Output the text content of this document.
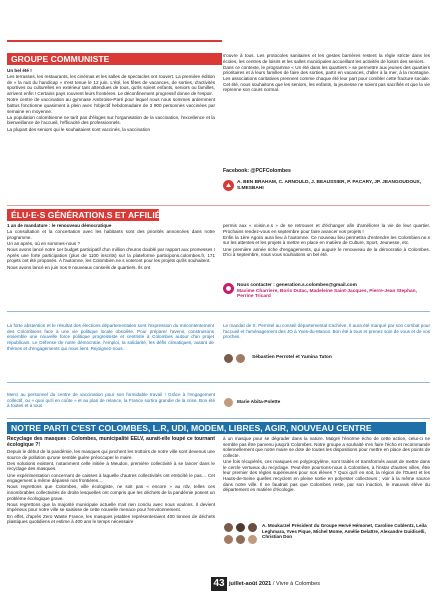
GROUPE COMMUNISTE

Un bel été !

Les terrasses, les restaurants, les cinémas et les salles de spectacles ont rouvert. La première édition de « la nuit du handicap » s'est tenue le 12 juin. L'été, les fêtes de vacances, de sorties, d'activités sportives ou culturelles en extérieur tant attendues de tous, qu'ils soient enfants, seniors ou familles, arrivent enfin ! Certains pays rouvrent leurs frontières. Le déconfinement progressif donne de l'espoir.

Notre centre de vaccination au gymnase Ambroise-Paré pour lequel nous nous sommes ardemment battus fonctionne quasiment à plein avec l'objectif hebdomadaire de 3 900 personnes vaccinées par semaine en moyenne.

La population colombienne ne tarit pas d'éloges sur l'organisation de la vaccination, l'excellence et la bienveillance de l'accueil, l'efficacité des professionnels.

La plupart des seniors qui le souhaitaient sont vaccinés, la vaccination

s'ouvre à tous. Les protocoles sanitaires et les gestes barrières restent la règle stricte dans les écoles, les centres de loisirs et les salles municipales accueillant les activités de loisirs des seniors.

Dans ce contexte, le programme « Un été dans les quartiers » se permettre aux jeunes des quartiers prioritaires et à leurs familles de faire des sorties, partir en vacances, d'aller à la mer, à la montagne. Les associations caritatives prennent comme chaque été leur part pour combler cette fracture sociale. Cet été, nous souhaitons que les seniors, les enfants, la jeunesse ne soient pas sacrifiés et que la vie reprenne son cours normal.

Facebook: @PCFColombes
A. BEN BRAHAM, C. ARNOULD, J. BEAUSSIER, P. PACARY, JP. JEANGOUDOUX, S.MESBAHI
ÉLU·E·S GÉNÉRATION.S ET AFFILIÉ·E·S

1 an de mandature : le renouveau démocratique

La consultation et la concertation avec les habitants sont des priorités annoncées dans notre programme.

Un an après, où en sommes-nous ?

Nous avons lancé notre 1er budget participatif d'un million d'euros doublé par rapport aux promesses ! Après une forte participation (plus de 1100 inscrits) sur la plateforme participons.colombes.fr, 171 projets ont été proposés. À l'automne, les Colombien.ne.s voteront pour les projets qu'ils souhaitent.

Nous avons lancé en juin nos 9 nouveaux conseils de quartiers. Ils ont

permis aux « voisin.e.s » de se retrouver et d'échanger afin d'améliorer la vie de leur quartier. Prochains rendez-vous en septembre pour faire avancer vos projets !

Enfin la 1ère Agora aura lieu à l'automne. Ce nouveau lieu permettra d'entendre les Colombien.ne.s sur les attentes et les projets à mettre en place en matière de Culture, Sport, Jeunesse, etc.

Une première année riche d'engagements, qui augure le renouveau de la démocratie à Colombes. D'ici à septembre, nous vous souhaitons un bel été.

Nous contacter : generation.s.colombes@gmail.com
Maxime Charriere, Boris Dutac, Madeleine Saint-Jacques, Pierre-Jean Stephan, Perrine Tricard

La forte abstention et le résultat des élections départementales sont l'expression du mécontentement des Colombiens face à une vie politique locale obsolète. Pour préparer l'avenir, construisons ensemble une nouvelle force politique progressiste et centriste à Colombes autour d'un projet républicain. Le Défense de notre démocratie, l'emploi, la solidarité, les défis climatiques, autant de thèmes et d'engagements qui nous lient. Rejoignez-nous.

Le mandat de S. Perrotel au conseil départemental s'achève. Il aura été marqué par son combat pour l'accueil et l'aménagement des JO à Yves-du-Manoir. Bon été à tous et prenez soin de vous et de vos proches.

Sébastien Perrotel et Yamina Taton

Merci au personnel du centre de vaccination pour son formidable travail ! Grâce à l'engagement collectif, ou « quoi qu'il en coûte » et au plan de relance, la France sortira grandie de la crise. Bon été à toutes et à tous

Marie Abita-Polette
NOTRE PARTI C'EST COLOMBES, L.R, UDI, MODEM, LIBRES, AGIR, NOUVEAU CENTRE

Recyclage des masques : Colombes, municipalité EELV, aurait-elle loupé ce tournant écologique ?!

Depuis le début de la pandémie, les masques qui jonchent les trottoirs de notre ville sont devenus une source de pollution qu'une semble guère préoccuper le maire.

Des solutions existent, notamment celle initiée à Meudon, première collectivité à se lancer dans le recyclage des masques.

Une expérimentation concernant de caisses à laquelle d'autres collectivités ont emboîté le pas… Cet engagement a même dépassé nos frontières…

Nous regrettons que Colombes, ville écologiste, ne soit pas « encore » au rdv, telles ces innombrables collectivités de droite lesquelles ont compris que les déchets de la pandémie posent un problème écologique grave.

Nous regrettons que la majorité municipale actuelle n'ait rien conclu avec nous voulons. Il devient impérieux pour notre ville se saisisse de cette nouvelle menace pour l'environnement.

En effet, d'après Zero Waste France, les masques jetables représenteraient 400 tonnes de déchets plastiques quotidiens et estime à 400 ans le temps nécessaire

à un masque pour se dégrader dans la nature. Malgré l'énorme écho de cette action, celui-ci ne semble pas être parvenu jusqu'à Colombes. Notre groupe a souhaité s'en faire l'écho et recommande solennellement que notre maire se dote de toutes les dispositions pour mettre en place des points de collecte.

Une fois récupérés, ces masques en polypropylène, sont traités et transformés avant de mettre dans le cercle vertueux du recyclage. Peut-être pourrions-nous à Colombes, à l'instar d'autres villes, être leur premier des règles supérieures pour nos élèves ? Quoi qu'il en soit, la région de l'Ouest et les Hauts-de-Seine quelles recyclent en pleine sortie en polyester collecteurs ; voir à la même source dans notre ville. Il ne faudrait pas que Colombes reste, par son inaction, le mauvais élève du département en matière d'écologie.

A. Moukarzel Président du Groupe Hervé Hémonet, Caroline Coblentz, Leila Leghmara, Yves Pique, Michel Mome, Amélie Delattre, Alexandre Guidicelli, Christian Don
43 juillet-août 2021 / Vivre à Colombes
